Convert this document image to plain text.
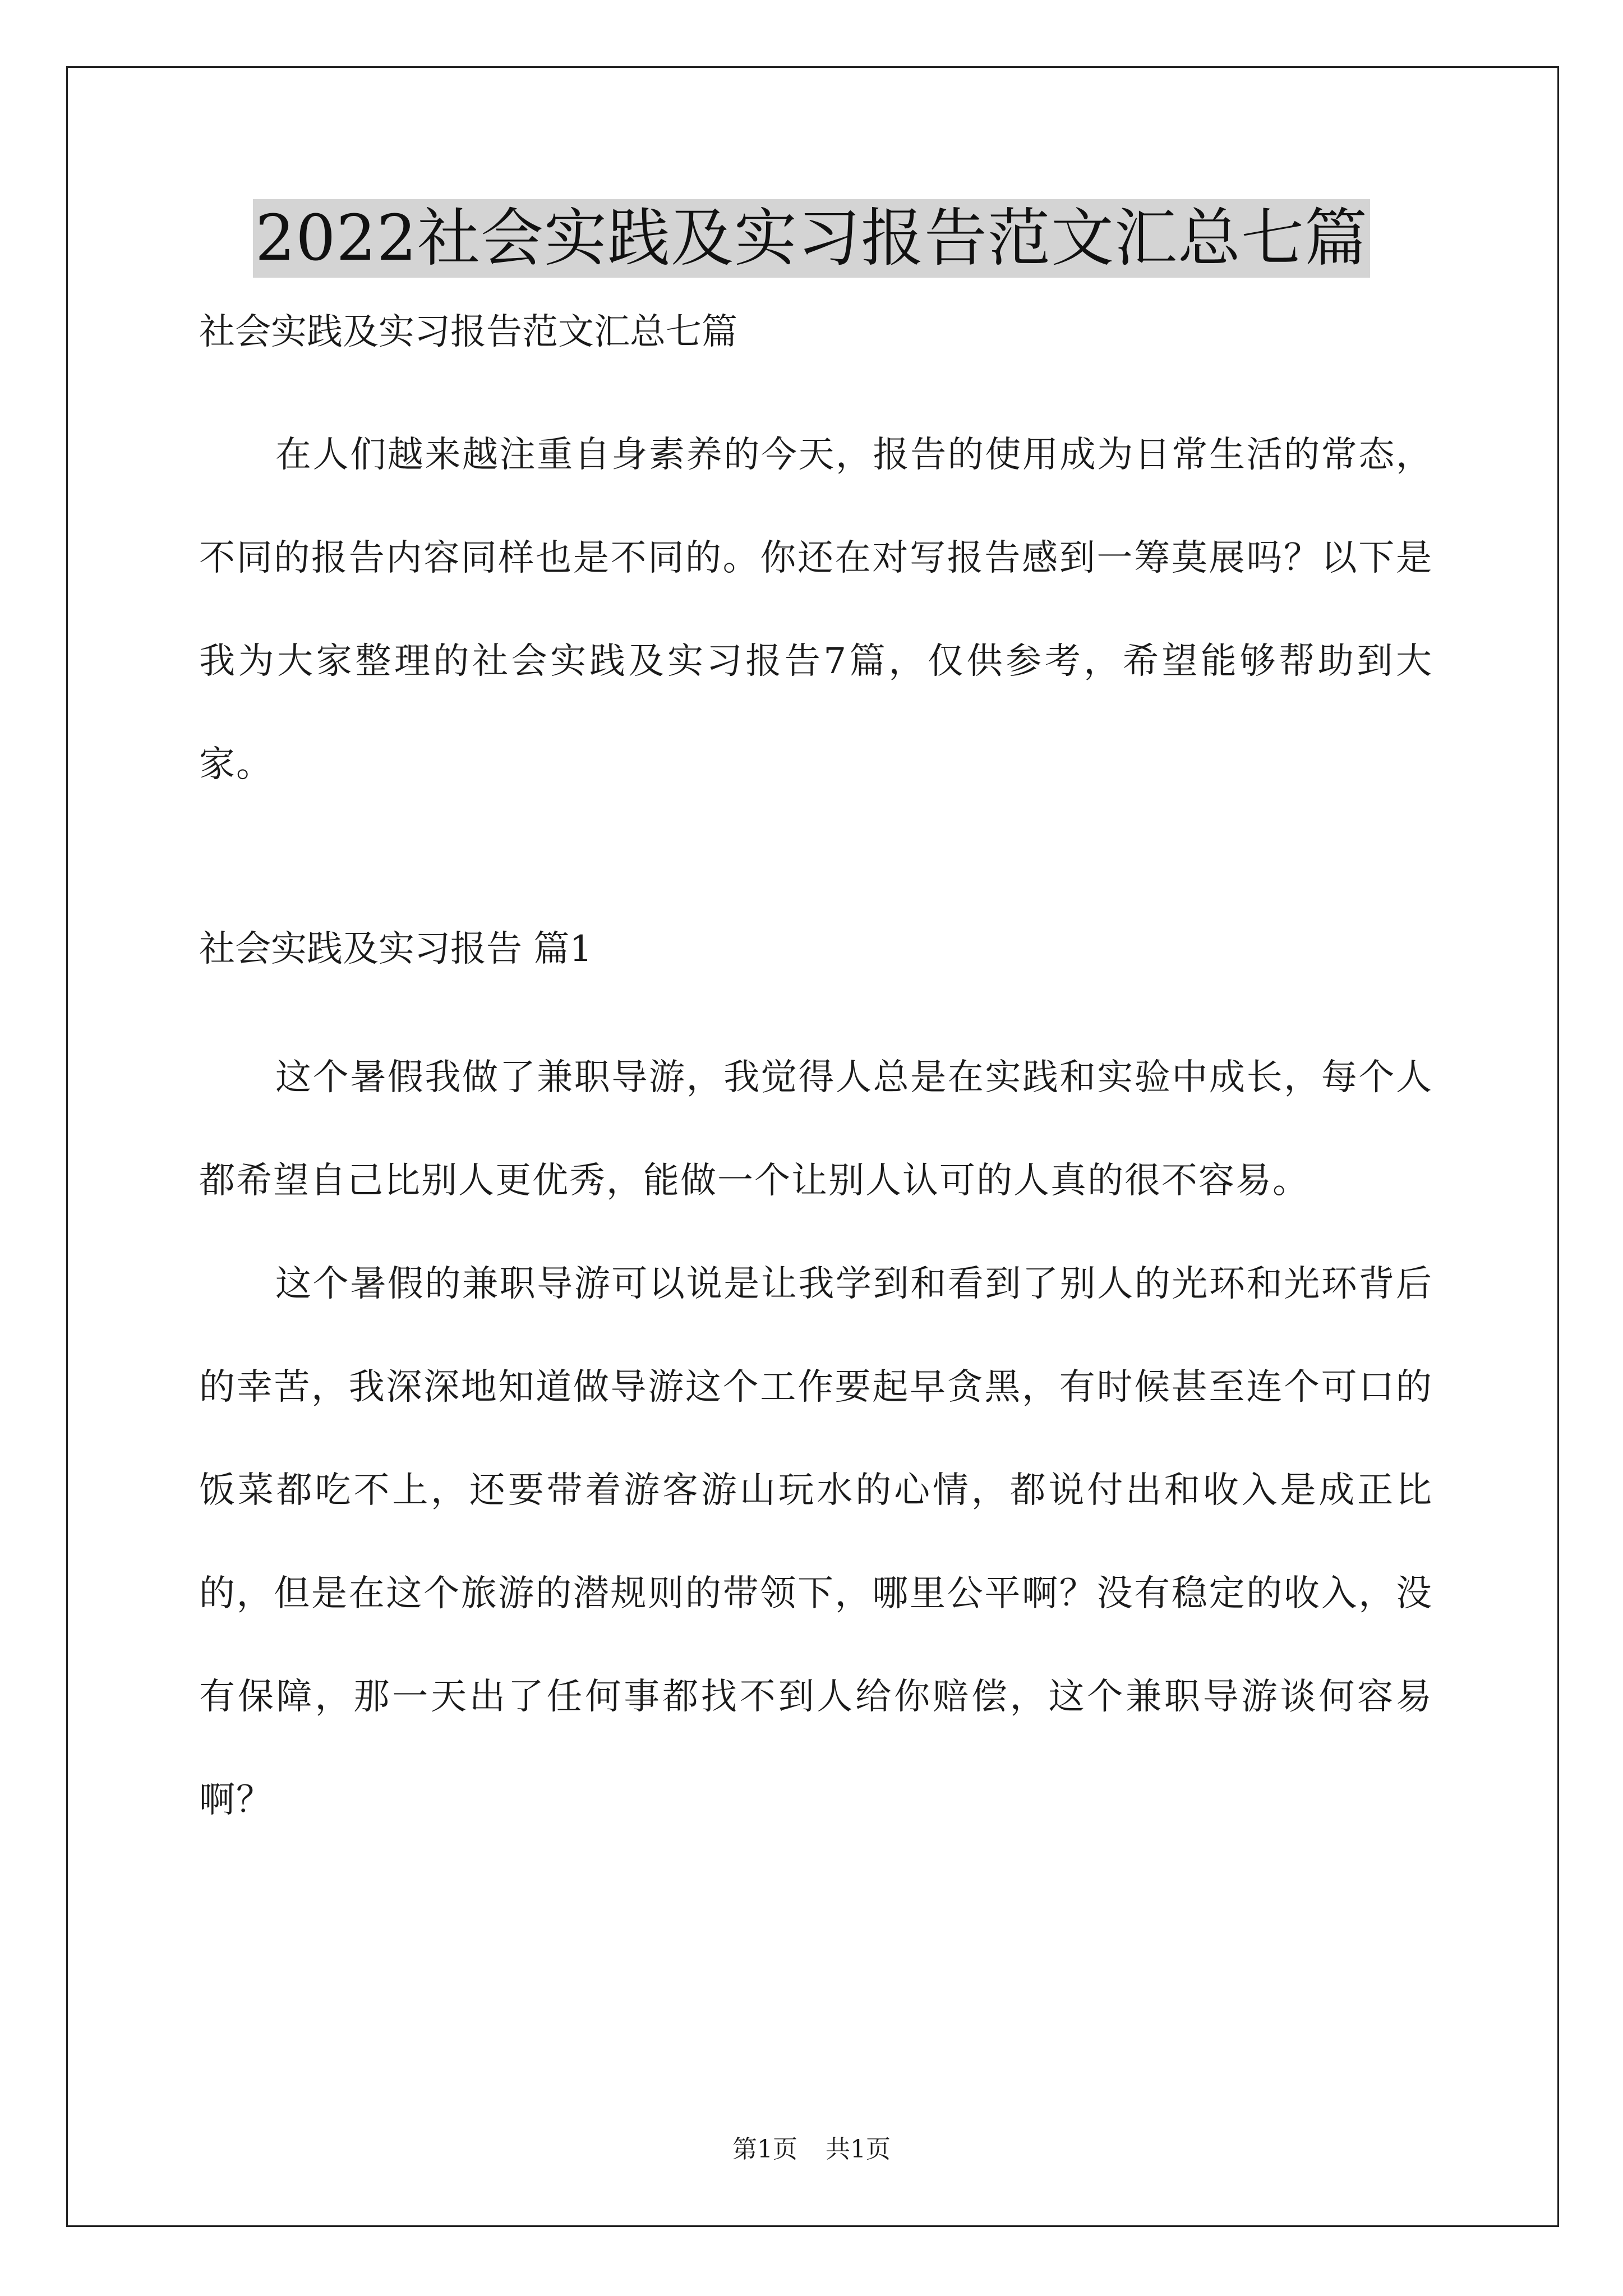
2022社会实践及实习报告范文汇总七篇

社会实践及实习报告范文汇总七篇

在人们越来越注重自身素养的今天，报告的使用成为日常生活的常态，不同的报告内容同样也是不同的。你还在对写报告感到一筹莫展吗？以下是我为大家整理的社会实践及实习报告7篇，仅供参考，希望能够帮助到大家。

社会实践及实习报告 篇1

这个暑假我做了兼职导游，我觉得人总是在实践和实验中成长，每个人都希望自己比别人更优秀，能做一个让别人认可的人真的很不容易。

这个暑假的兼职导游可以说是让我学到和看到了别人的光环和光环背后的幸苦，我深深地知道做导游这个工作要起早贪黑，有时候甚至连个可口的饭菜都吃不上，还要带着游客游山玩水的心情，都说付出和收入是成正比的，但是在这个旅游的潜规则的带领下，哪里公平啊？没有稳定的收入，没有保障，那一天出了任何事都找不到人给你赔偿，这个兼职导游谈何容易啊？

第1页 共1页
